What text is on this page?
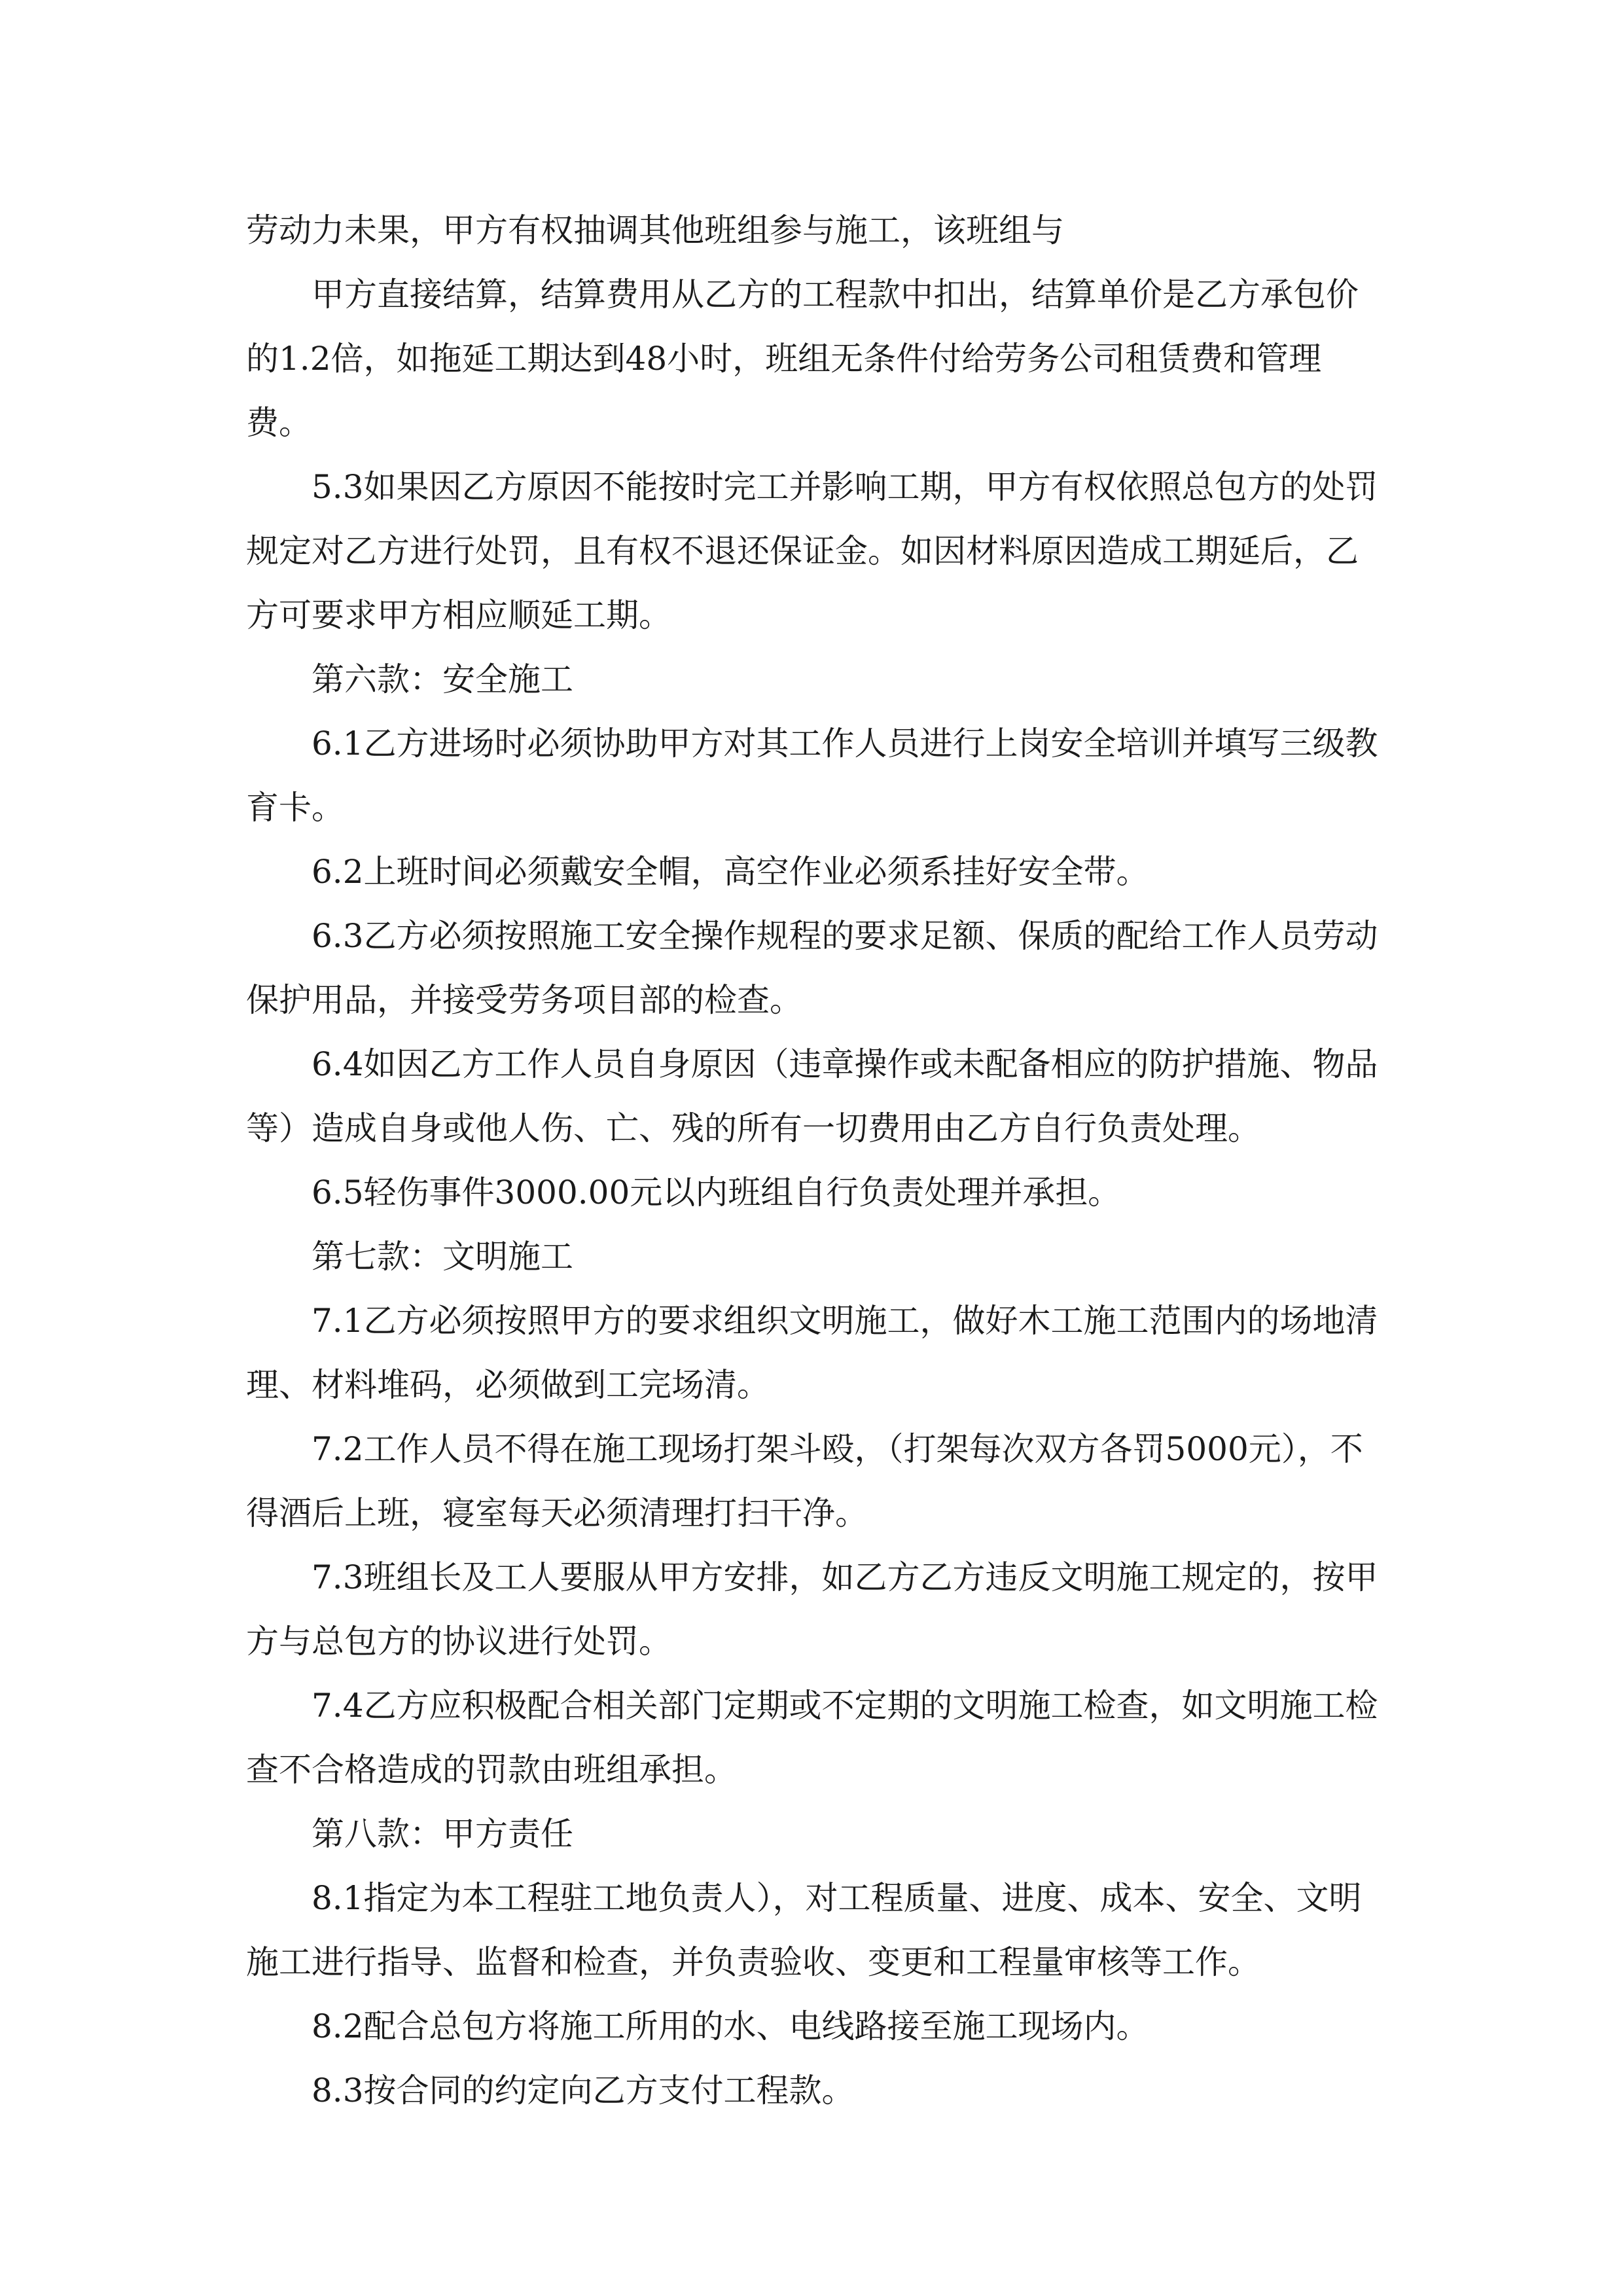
劳动力未果，甲方有权抽调其他班组参与施工，该班组与

甲方直接结算，结算费用从乙方的工程款中扣出，结算单价是乙方承包价的1.2倍，如拖延工期达到48小时，班组无条件付给劳务公司租赁费和管理费。

5.3如果因乙方原因不能按时完工并影响工期，甲方有权依照总包方的处罚规定对乙方进行处罚，且有权不退还保证金。如因材料原因造成工期延后，乙方可要求甲方相应顺延工期。

第六款：安全施工

6.1乙方进场时必须协助甲方对其工作人员进行上岗安全培训并填写三级教育卡。

6.2上班时间必须戴安全帽，高空作业必须系挂好安全带。

6.3乙方必须按照施工安全操作规程的要求足额、保质的配给工作人员劳动保护用品，并接受劳务项目部的检查。

6.4如因乙方工作人员自身原因（违章操作或未配备相应的防护措施、物品等）造成自身或他人伤、亡、残的所有一切费用由乙方自行负责处理。

6.5轻伤事件3000.00元以内班组自行负责处理并承担。

第七款：文明施工

7.1乙方必须按照甲方的要求组织文明施工，做好木工施工范围内的场地清理、材料堆码，必须做到工完场清。

7.2工作人员不得在施工现场打架斗殴，（打架每次双方各罚5000元），不得酒后上班，寝室每天必须清理打扫干净。

7.3班组长及工人要服从甲方安排，如乙方乙方违反文明施工规定的，按甲方与总包方的协议进行处罚。

7.4乙方应积极配合相关部门定期或不定期的文明施工检查，如文明施工检查不合格造成的罚款由班组承担。

第八款：甲方责任

8.1指定为本工程驻工地负责人），对工程质量、进度、成本、安全、文明施工进行指导、监督和检查，并负责验收、变更和工程量审核等工作。

8.2配合总包方将施工所用的水、电线路接至施工现场内。

8.3按合同的约定向乙方支付工程款。
